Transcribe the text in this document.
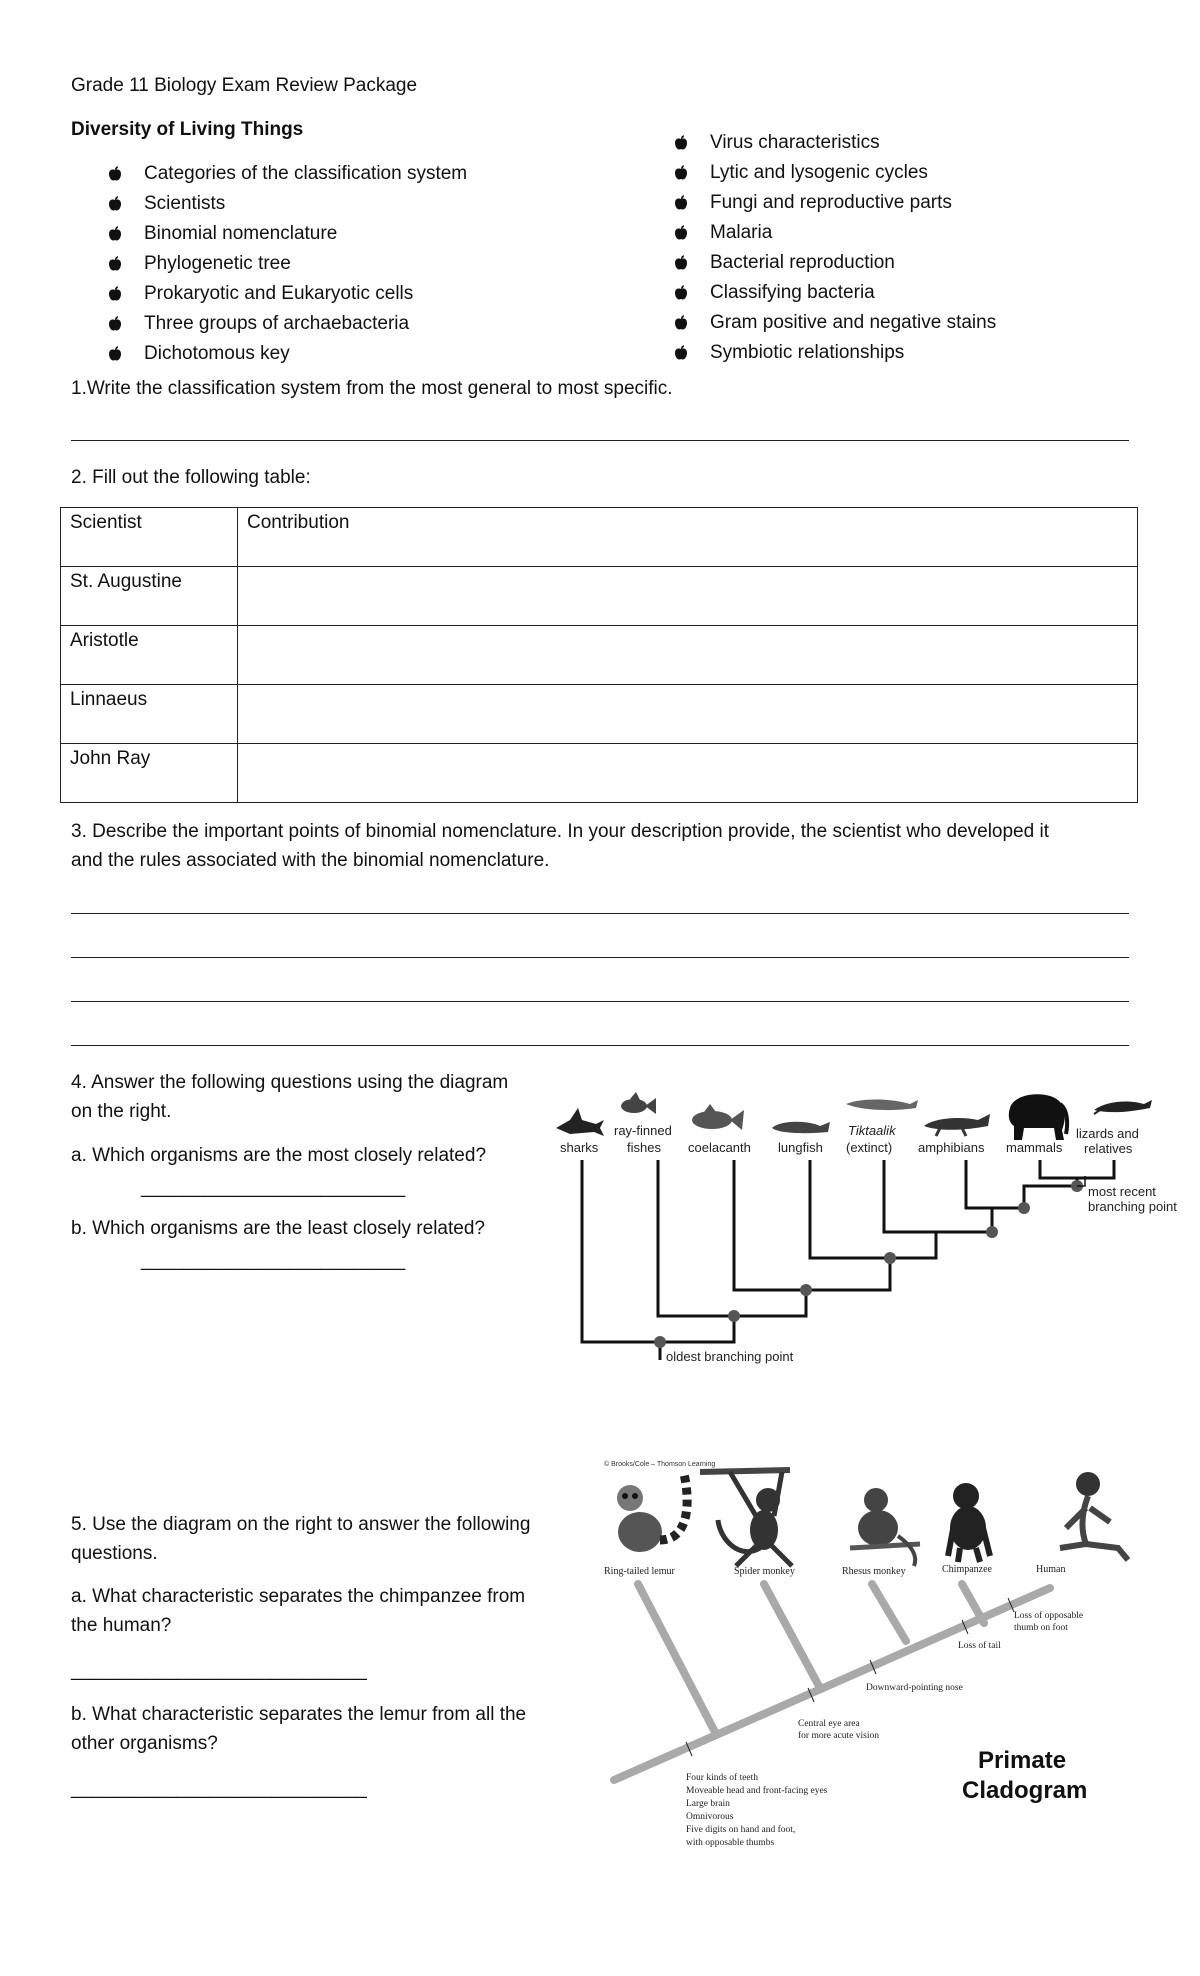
Grade 11 Biology Exam Review Package
Diversity of Living Things
Categories of the classification system
Scientists
Binomial nomenclature
Phylogenetic tree
Prokaryotic and Eukaryotic cells
Three groups of archaebacteria
Dichotomous key
Virus characteristics
Lytic and lysogenic cycles
Fungi and reproductive parts
Malaria
Bacterial reproduction
Classifying bacteria
Gram positive and negative stains
Symbiotic relationships
1.Write the classification system from the most general to most specific.
2. Fill out the following table:
Scientist	Contribution
St. Augustine	
Aristotle	
Linnaeus	
John Ray	
3. Describe the important points of binomial nomenclature. In your description provide, the scientist who developed it
and the rules associated with the binomial nomenclature.
4. Answer the following questions using the diagram
on the right.
a. Which organisms are the most closely related?
_________________________
b. Which organisms are the least closely related?
_________________________
sharks
ray-finned
fishes coelacanth lungfish
Tiktaalik
(extinct) amphibians mammals
lizards and
relatives
most recent
branching point
oldest branching point
5. Use the diagram on the right to answer the following
questions.
a. What characteristic separates the chimpanzee from
the human?
____________________________
b. What characteristic separates the lemur from all the
other organisms?
____________________________
© Brooks/Cole – Thomson Learning
Ring-tailed lemur	Spider monkey	Rhesus monkey	Chimpanzee	Human
Loss of opposable
thumb on foot
Loss of tail
Downward-pointing nose
Central eye area
for more acute vision
Four kinds of teeth
Moveable head and front-facing eyes
Large brain
Omnivorous
Five digits on hand and foot,
with opposable thumbs
Primate
Cladogram
